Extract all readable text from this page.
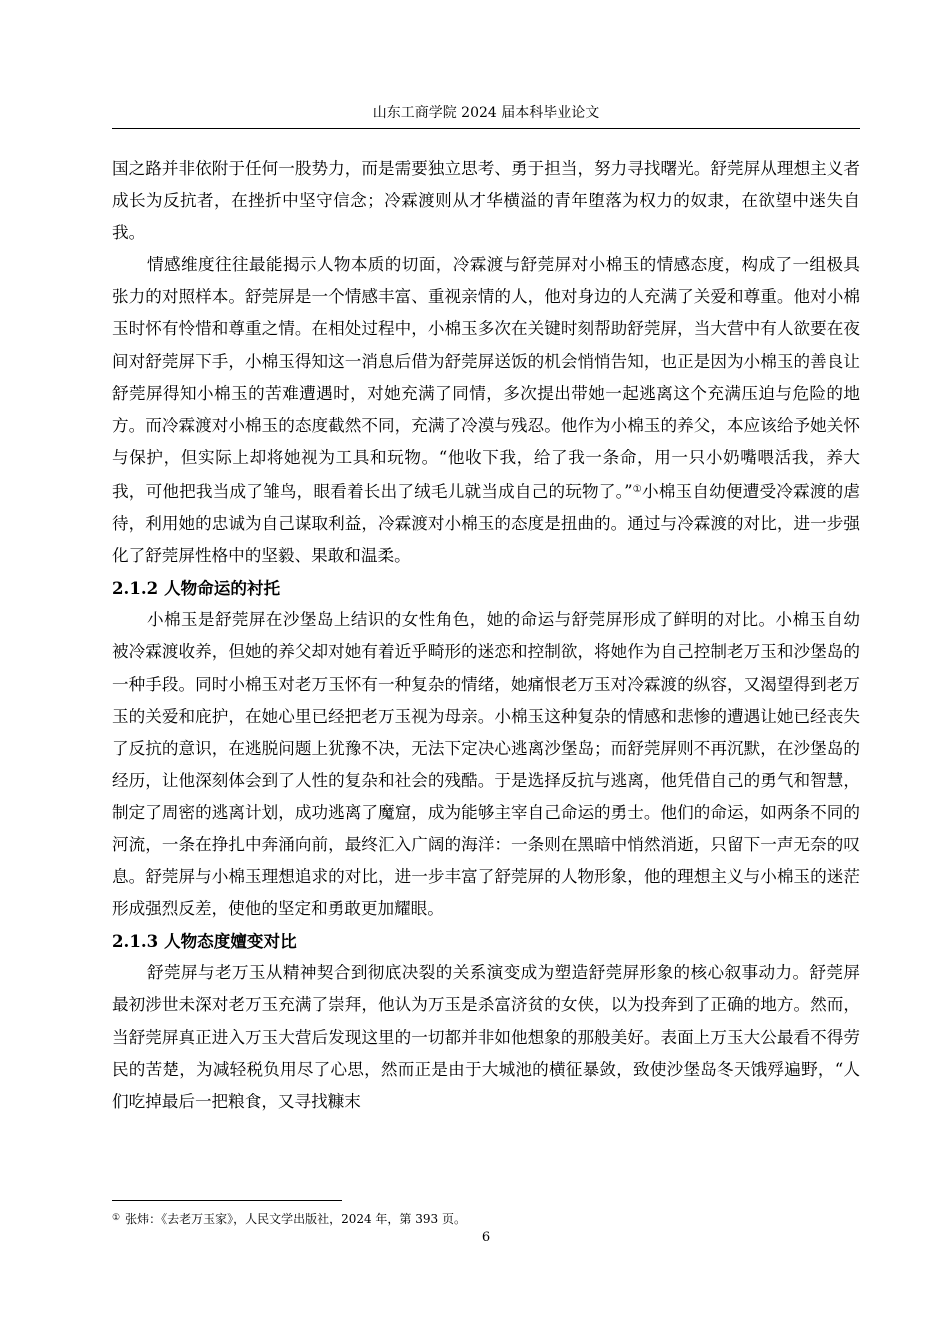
山东工商学院 2024 届本科毕业论文

国之路并非依附于任何一股势力，而是需要独立思考、勇于担当，努力寻找曙光。舒莞屏从理想主义者成长为反抗者，在挫折中坚守信念；冷霖渡则从才华横溢的青年堕落为权力的奴隶，在欲望中迷失自我。

情感维度往往最能揭示人物本质的切面，冷霖渡与舒莞屏对小棉玉的情感态度，构成了一组极具张力的对照样本。舒莞屏是一个情感丰富、重视亲情的人，他对身边的人充满了关爱和尊重。他对小棉玉时怀有怜惜和尊重之情。在相处过程中，小棉玉多次在关键时刻帮助舒莞屏，当大营中有人欲要在夜间对舒莞屏下手，小棉玉得知这一消息后借为舒莞屏送饭的机会悄悄告知，也正是因为小棉玉的善良让舒莞屏得知小棉玉的苦难遭遇时，对她充满了同情，多次提出带她一起逃离这个充满压迫与危险的地方。而冷霖渡对小棉玉的态度截然不同，充满了冷漠与残忍。他作为小棉玉的养父，本应该给予她关怀与保护，但实际上却将她视为工具和玩物。“他收下我，给了我一条命，用一只小奶嘴喂活我，养大我，可他把我当成了雏鸟，眼看着长出了绒毛儿就当成自己的玩物了。”①小棉玉自幼便遭受冷霖渡的虐待，利用她的忠诚为自己谋取利益，冷霖渡对小棉玉的态度是扭曲的。通过与冷霖渡的对比，进一步强化了舒莞屏性格中的坚毅、果敢和温柔。

2.1.2 人物命运的衬托

小棉玉是舒莞屏在沙堡岛上结识的女性角色，她的命运与舒莞屏形成了鲜明的对比。小棉玉自幼被冷霖渡收养，但她的养父却对她有着近乎畸形的迷恋和控制欲，将她作为自己控制老万玉和沙堡岛的一种手段。同时小棉玉对老万玉怀有一种复杂的情绪，她痛恨老万玉对冷霖渡的纵容，又渴望得到老万玉的关爱和庇护，在她心里已经把老万玉视为母亲。小棉玉这种复杂的情感和悲惨的遭遇让她已经丧失了反抗的意识，在逃脱问题上犹豫不决，无法下定决心逃离沙堡岛；而舒莞屏则不再沉默，在沙堡岛的经历，让他深刻体会到了人性的复杂和社会的残酷。于是选择反抗与逃离，他凭借自己的勇气和智慧，制定了周密的逃离计划，成功逃离了魔窟，成为能够主宰自己命运的勇士。他们的命运，如两条不同的河流，一条在挣扎中奔涌向前，最终汇入广阔的海洋：一条则在黑暗中悄然消逝，只留下一声无奈的叹息。舒莞屏与小棉玉理想追求的对比，进一步丰富了舒莞屏的人物形象，他的理想主义与小棉玉的迷茫形成强烈反差，使他的坚定和勇敢更加耀眼。

2.1.3 人物态度嬗变对比

舒莞屏与老万玉从精神契合到彻底决裂的关系演变成为塑造舒莞屏形象的核心叙事动力。舒莞屏最初涉世未深对老万玉充满了崇拜，他认为万玉是杀富济贫的女侠，以为投奔到了正确的地方。然而，当舒莞屏真正进入万玉大营后发现这里的一切都并非如他想象的那般美好。表面上万玉大公最看不得劳民的苦楚，为减轻税负用尽了心思，然而正是由于大城池的横征暴敛，致使沙堡岛冬天饿殍遍野，“人们吃掉最后一把粮食，又寻找糠末

① 张炜：《去老万玉家》，人民文学出版社，2024 年，第 393 页。
6
